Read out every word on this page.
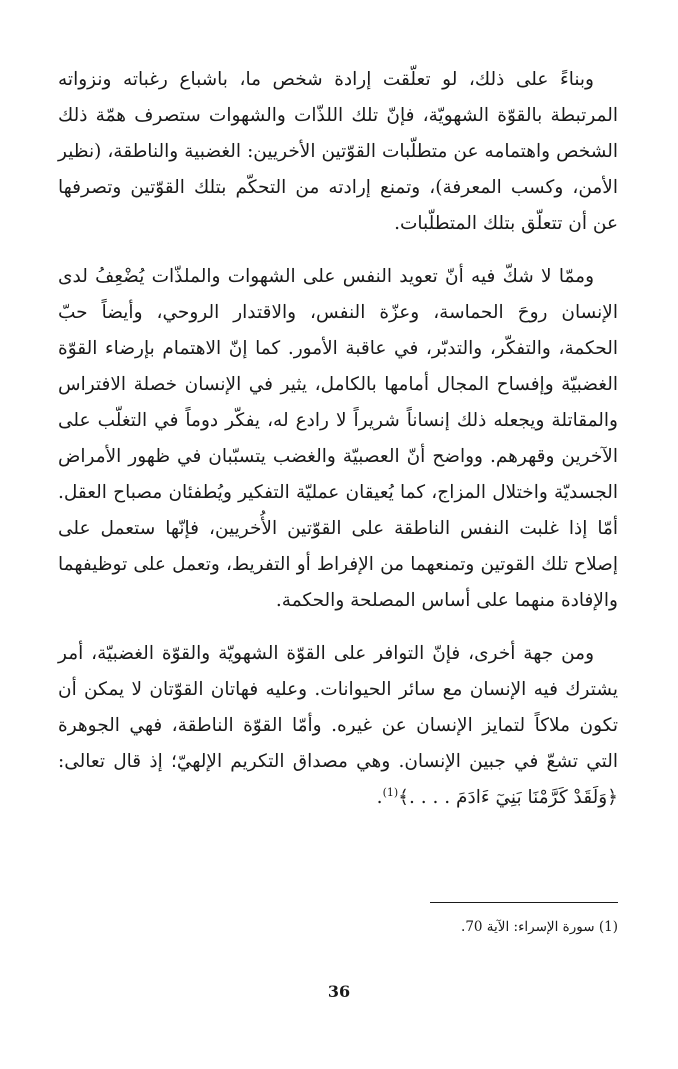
وبناءً على ذلك، لو تعلّقت إرادة شخص ما، باشباع رغباته ونزواته المرتبطة بالقوّة الشهويّة، فإنّ تلك اللذّات والشهوات ستصرف همّة ذلك الشخص واهتمامه عن متطلّبات القوّتين الأخريين: الغضبية والناطقة، (نظير الأمن، وكسب المعرفة)، وتمنع إرادته من التحكّم بتلك القوّتين وتصرفها عن أن تتعلّق بتلك المتطلّبات.

وممّا لا شكّ فيه أنّ تعويد النفس على الشهوات والملذّات يُضْعِفُ لدى الإنسان روحَ الحماسة، وعزّة النفس، والاقتدار الروحي، وأيضاً حبّ الحكمة، والتفكّر، والتدبّر، في عاقبة الأمور. كما إنّ الاهتمام بإرضاء القوّة الغضبيّة وإفساح المجال أمامها بالكامل، يثير في الإنسان خصلة الافتراس والمقاتلة ويجعله ذلك إنساناً شريراً لا رادع له، يفكّر دوماً في التغلّب على الآخرين وقهرهم. وواضح أنّ العصبيّة والغضب يتسبّبان في ظهور الأمراض الجسديّة واختلال المزاج، كما يُعيقان عمليّة التفكير ويُطفئان مصباح العقل. أمّا إذا غلبت النفس الناطقة على القوّتين الأُخريين، فإنّها ستعمل على إصلاح تلك القوتين وتمنعهما من الإفراط أو التفريط، وتعمل على توظيفهما والإفادة منهما على أساس المصلحة والحكمة.

ومن جهة أخرى، فإنّ التوافر على القوّة الشهويّة والقوّة الغضبيّة، أمر يشترك فيه الإنسان مع سائر الحيوانات. وعليه فهاتان القوّتان لا يمكن أن تكون ملاكاً لتمايز الإنسان عن غيره. وأمّا القوّة الناطقة، فهي الجوهرة التي تشعّ في جبين الإنسان. وهي مصداق التكريم الإلهيّ؛ إذ قال تعالى: ﴿وَلَقَدْ كَرَّمْنَا بَنِيٓ ءَادَمَ . . . .﴾$^{(1)}$.

(1) سورة الإسراء: الآية 70.
36
